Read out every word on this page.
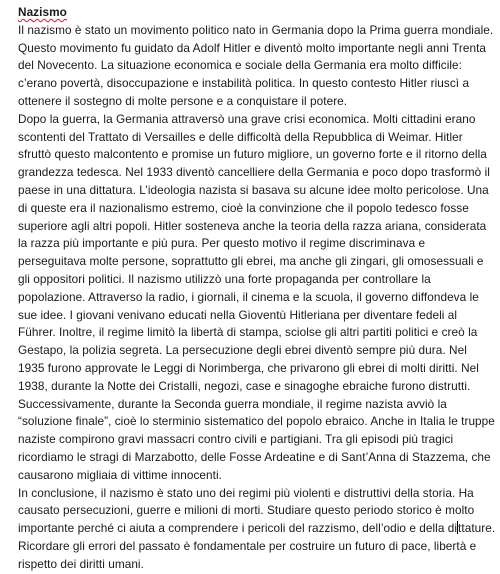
Nazismo

Il nazismo è stato un movimento politico nato in Germania dopo la Prima guerra mondiale. Questo movimento fu guidato da Adolf Hitler e diventò molto importante negli anni Trenta del Novecento. La situazione economica e sociale della Germania era molto difficile: c’erano povertà, disoccupazione e instabilità politica. In questo contesto Hitler riuscì a ottenere il sostegno di molte persone e a conquistare il potere.

Dopo la guerra, la Germania attraversò una grave crisi economica. Molti cittadini erano scontenti del Trattato di Versailles e delle difficoltà della Repubblica di Weimar. Hitler sfruttò questo malcontento e promise un futuro migliore, un governo forte e il ritorno della grandezza tedesca. Nel 1933 diventò cancelliere della Germania e poco dopo trasformò il paese in una dittatura. L’ideologia nazista si basava su alcune idee molto pericolose. Una di queste era il nazionalismo estremo, cioè la convinzione che il popolo tedesco fosse superiore agli altri popoli. Hitler sosteneva anche la teoria della razza ariana, considerata la razza più importante e più pura. Per questo motivo il regime discriminava e perseguitava molte persone, soprattutto gli ebrei, ma anche gli zingari, gli omosessuali e gli oppositori politici. Il nazismo utilizzò una forte propaganda per controllare la popolazione. Attraverso la radio, i giornali, il cinema e la scuola, il governo diffondeva le sue idee. I giovani venivano educati nella Gioventù Hitleriana per diventare fedeli al Führer. Inoltre, il regime limitò la libertà di stampa, sciolse gli altri partiti politici e creò la Gestapo, la polizia segreta. La persecuzione degli ebrei diventò sempre più dura. Nel 1935 furono approvate le Leggi di Norimberga, che privarono gli ebrei di molti diritti. Nel 1938, durante la Notte dei Cristalli, negozi, case e sinagoghe ebraiche furono distrutti. Successivamente, durante la Seconda guerra mondiale, il regime nazista avviò la “soluzione finale”, cioè lo sterminio sistematico del popolo ebraico. Anche in Italia le truppe naziste compirono gravi massacri contro civili e partigiani. Tra gli episodi più tragici ricordiamo le stragi di Marzabotto, delle Fosse Ardeatine e di Sant’Anna di Stazzema, che causarono migliaia di vittime innocenti.

In conclusione, il nazismo è stato uno dei regimi più violenti e distruttivi della storia. Ha causato persecuzioni, guerre e milioni di morti. Studiare questo periodo storico è molto importante perché ci aiuta a comprendere i pericoli del razzismo, dell’odio e della dittature. Ricordare gli errori del passato è fondamentale per costruire un futuro di pace, libertà e rispetto dei diritti umani.
